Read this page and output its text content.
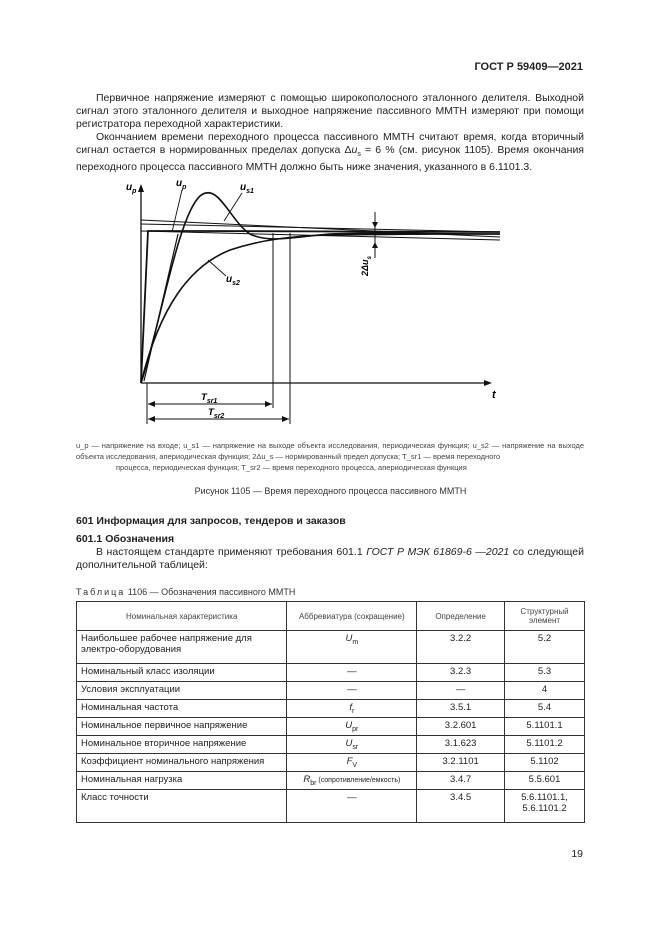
ГОСТ Р 59409—2021
Первичное напряжение измеряют с помощью широкополосного эталонного делителя. Выходной сигнал этого эталонного делителя и выходное напряжение пассивного ММТН измеряют при помощи регистратора переходной характеристики.
Окончанием времени переходного процесса пассивного ММТН считают время, когда вторичный сигнал остается в нормированных пределах допуска $\Delta u_s = 6$ % (см. рисунок 1105). Время окончания переходного процесса пассивного ММТН должно быть ниже значения, указанного в 6.1101.3.
$u_p$
t
$u_p$	$u_{s1}$
$u_{s2}$
$2\Delta u_s$
$T_{sr1}$
$T_{sr2}$
u_p — напряжение на входе; u_s1 — напряжение на выходе объекта исследования, периодическая функция; u_s2 — напряжение на выходе объекта исследования, апериодическая функция; 2Δu_s — нормированный предел допуска; T_sr1 — время переходного
процесса, периодическая функция; T_sr2 — время переходного процесса, апериодическая функция
Рисунок 1105 — Время переходного процесса пассивного ММТН
601 Информация для запросов, тендеров и заказов
601.1 Обозначения
В настоящем стандарте применяют требования 601.1 ГОСТ Р МЭК 61869-6 —2021 со следующей дополнительной таблицей:
Таблица 1106 — Обозначения пассивного ММТН
Номинальная характеристика	Аббревиатура (сокращение)	Определение	Структурный элемент
Наибольшее рабочее напряжение для электро-оборудования	$U_m$	3.2.2	5.2
Номинальный класс изоляции	—	3.2.3	5.3
Условия эксплуатации	—	—	4
Номинальная частота	$f_r$	3.5.1	5.4
Номинальное первичное напряжение	$U_{pr}$	3.2.601	5.1101.1
Номинальное вторичное напряжение	$U_{sr}$	3.1.623	5.1101.2
Коэффициент номинального напряжения	$F_V$	3.2.1101	5.1102
Номинальная нагрузка	$R_{br}$ (сопротивление/емкость)	3.4.7	5.5.601
Класс точности	—	3.4.5	5.6.1101.1,
5.6.1101.2
19
